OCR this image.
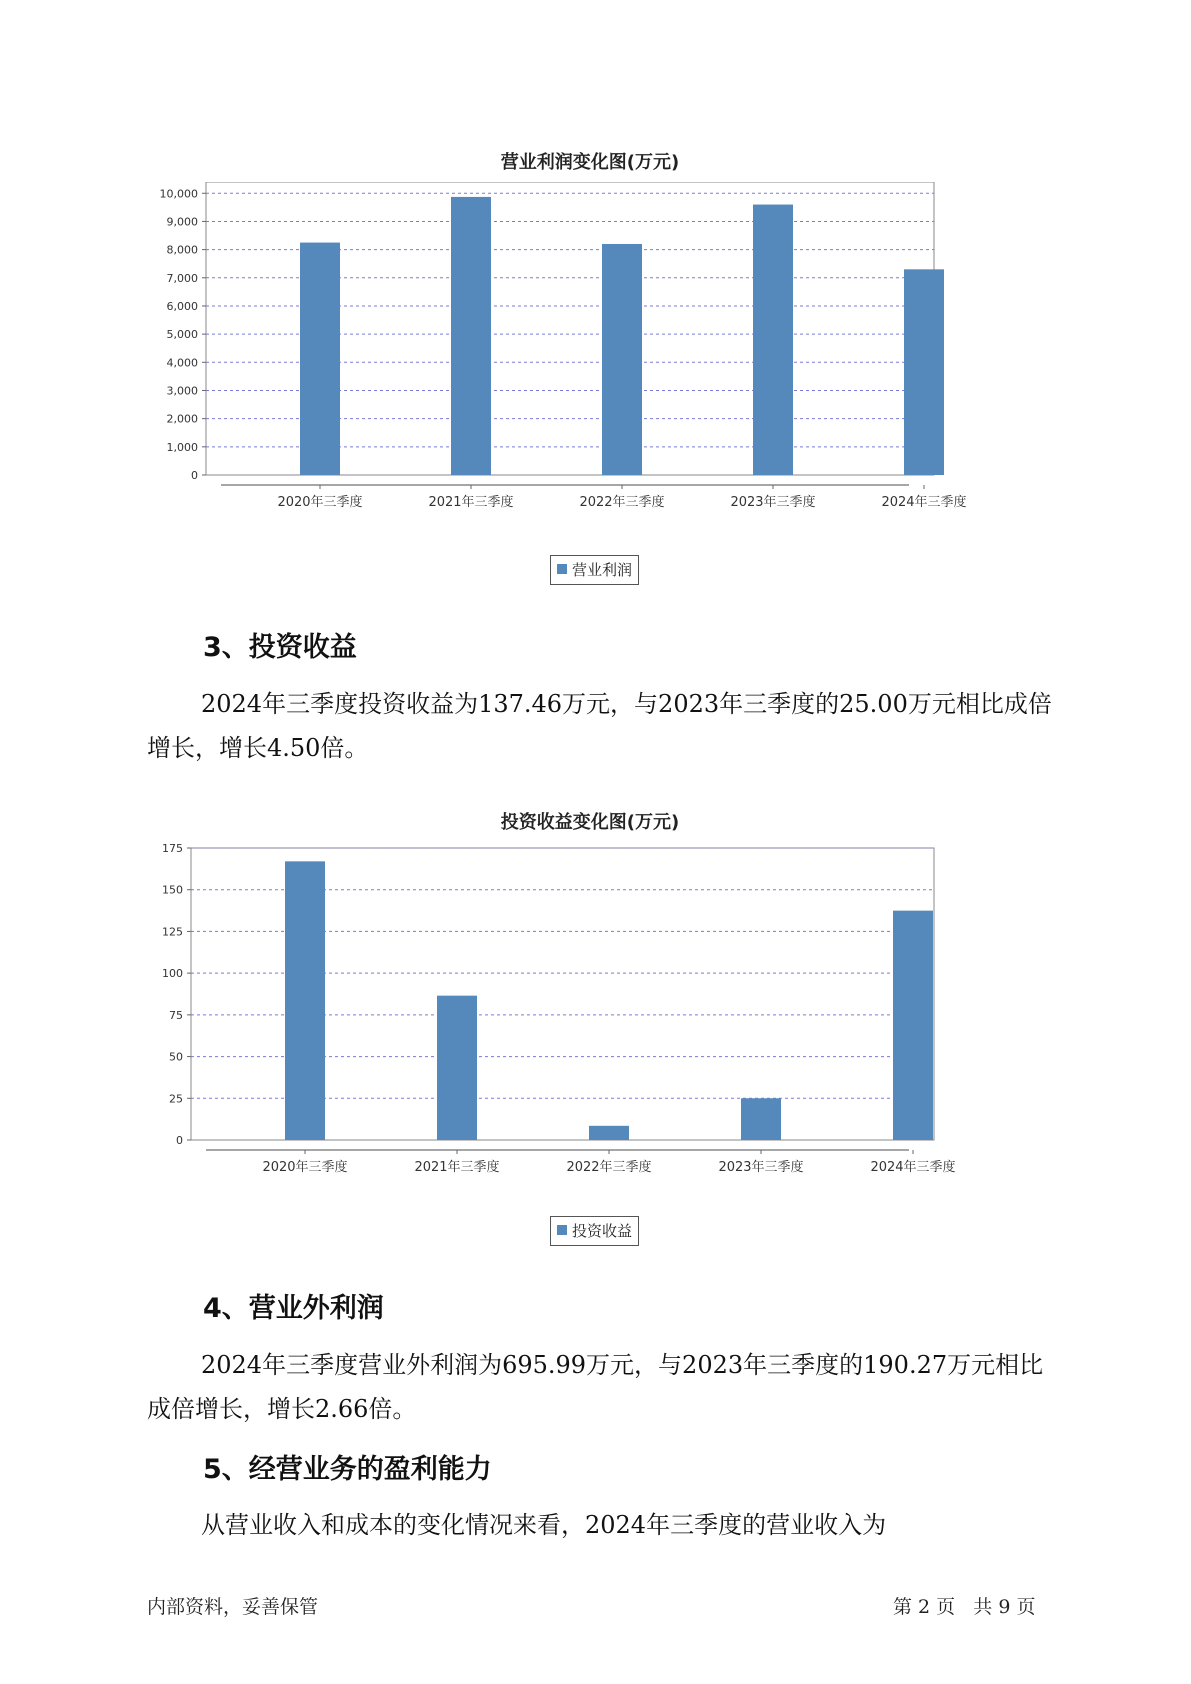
营业利润变化图(万元)
0
1,000
2,000
3,000
4,000
5,000
6,000
7,000
8,000
9,000
10,000
2020年三季度	2021年三季度	2022年三季度	2023年三季度	2024年三季度
营业利润
3、投资收益

2024年三季度投资收益为137.46万元，与2023年三季度的25.00万元相比成倍增长，增长4.50倍。

投资收益变化图(万元)
0
25
50
75
100
125
150
175
2020年三季度	2021年三季度	2022年三季度	2023年三季度	2024年三季度
投资收益
4、营业外利润

2024年三季度营业外利润为695.99万元，与2023年三季度的190.27万元相比成倍增长，增长2.66倍。

5、经营业务的盈利能力

从营业收入和成本的变化情况来看，2024年三季度的营业收入为

内部资料，妥善保管	第 2 页   共 9 页
